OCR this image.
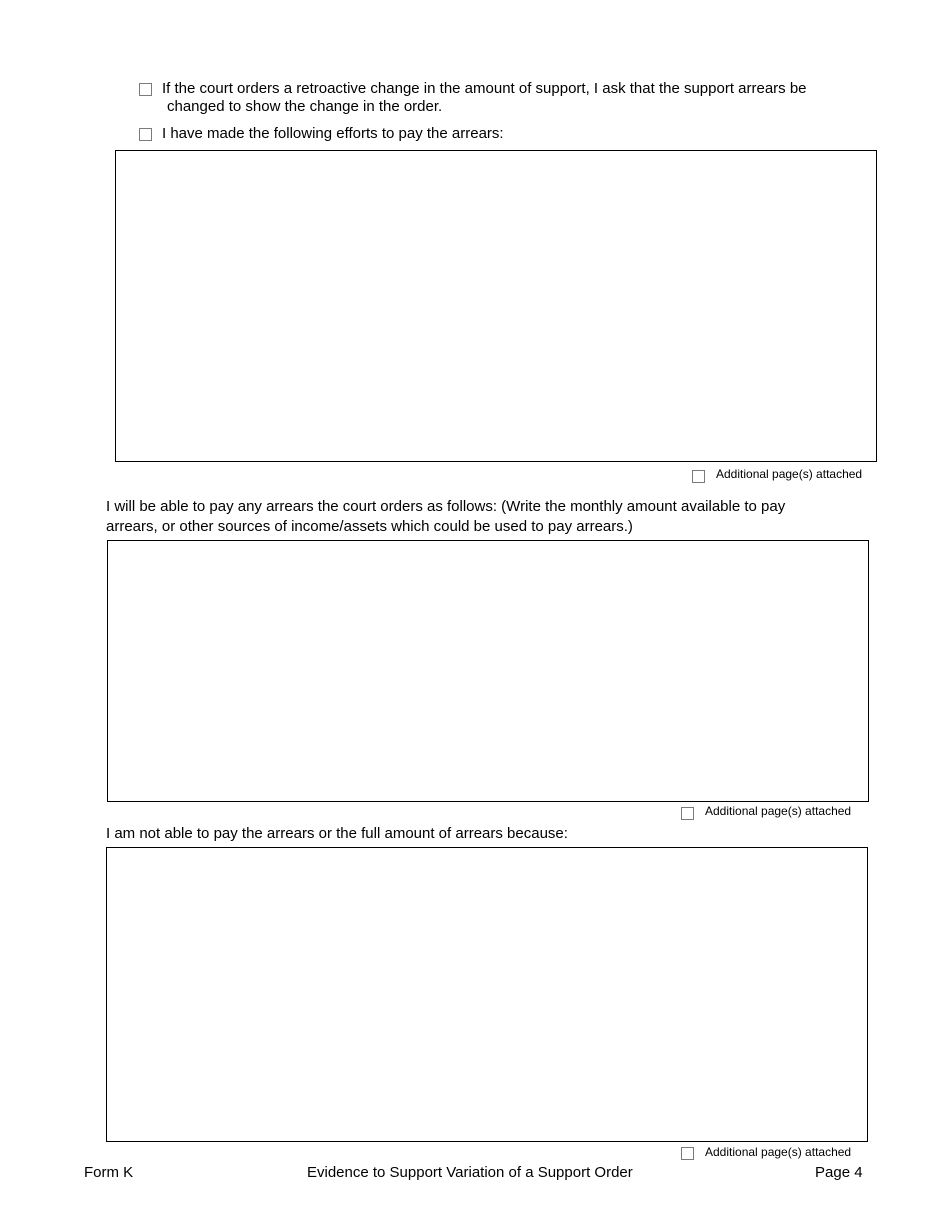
If the court orders a retroactive change in the amount of support, I ask that the support arrears be
changed to show the change in the order.
I have made the following efforts to pay the arrears:
Additional page(s) attached
I will be able to pay any arrears the court orders as follows: (Write the monthly amount available to pay
arrears, or other sources of income/assets which could be used to pay arrears.)
Additional page(s) attached
I am not able to pay the arrears or the full amount of arrears because:
Additional page(s) attached
Form K	Evidence to Support Variation of a Support Order	Page 4
